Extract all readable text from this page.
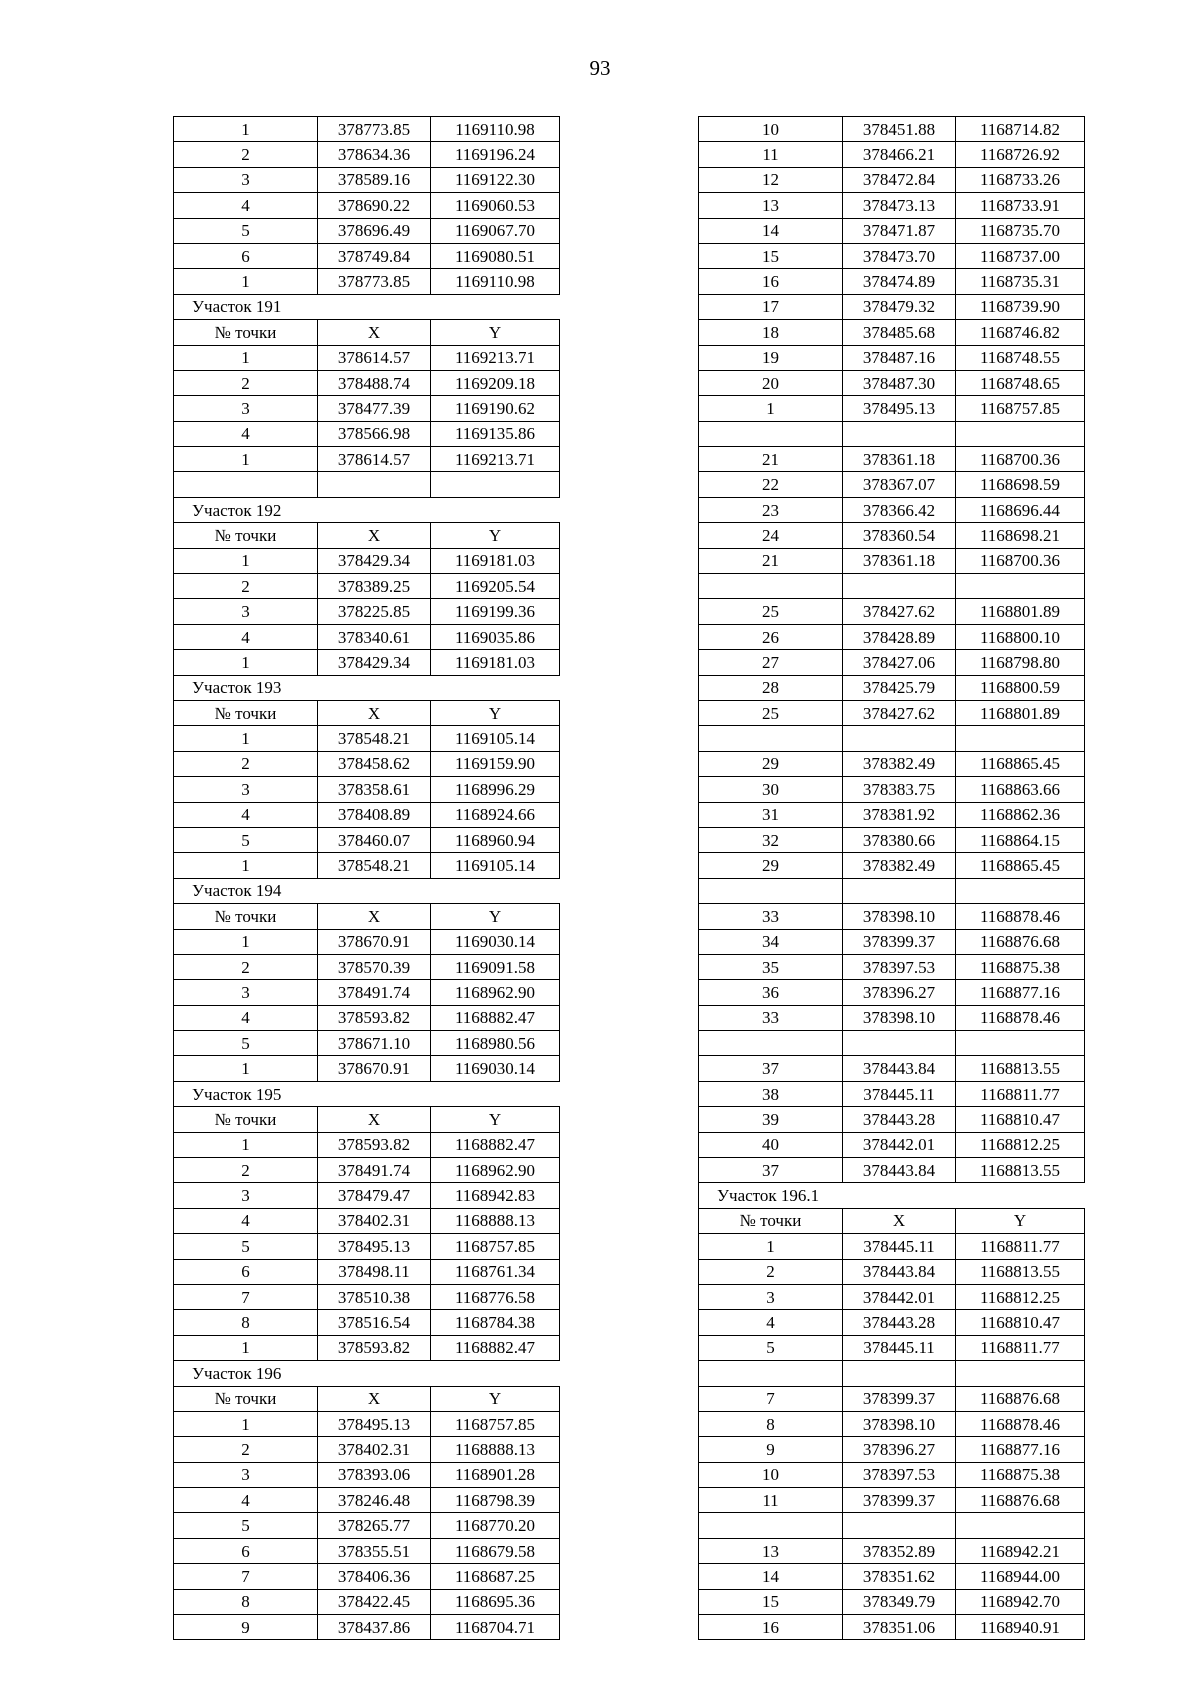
93
1	378773.85	1169110.98
2	378634.36	1169196.24
3	378589.16	1169122.30
4	378690.22	1169060.53
5	378696.49	1169067.70
6	378749.84	1169080.51
1	378773.85	1169110.98
Участок 191		
№ точки	X	Y
1	378614.57	1169213.71
2	378488.74	1169209.18
3	378477.39	1169190.62
4	378566.98	1169135.86
1	378614.57	1169213.71

Участок 192		
№ точки	X	Y
1	378429.34	1169181.03
2	378389.25	1169205.54
3	378225.85	1169199.36
4	378340.61	1169035.86
1	378429.34	1169181.03
Участок 193		
№ точки	X	Y
1	378548.21	1169105.14
2	378458.62	1169159.90
3	378358.61	1168996.29
4	378408.89	1168924.66
5	378460.07	1168960.94
1	378548.21	1169105.14
Участок 194		
№ точки	X	Y
1	378670.91	1169030.14
2	378570.39	1169091.58
3	378491.74	1168962.90
4	378593.82	1168882.47
5	378671.10	1168980.56
1	378670.91	1169030.14
Участок 195		
№ точки	X	Y
1	378593.82	1168882.47
2	378491.74	1168962.90
3	378479.47	1168942.83
4	378402.31	1168888.13
5	378495.13	1168757.85
6	378498.11	1168761.34
7	378510.38	1168776.58
8	378516.54	1168784.38
1	378593.82	1168882.47
Участок 196		
№ точки	X	Y
1	378495.13	1168757.85
2	378402.31	1168888.13
3	378393.06	1168901.28
4	378246.48	1168798.39
5	378265.77	1168770.20
6	378355.51	1168679.58
7	378406.36	1168687.25
8	378422.45	1168695.36
9	378437.86	1168704.71
10	378451.88	1168714.82
11	378466.21	1168726.92
12	378472.84	1168733.26
13	378473.13	1168733.91
14	378471.87	1168735.70
15	378473.70	1168737.00
16	378474.89	1168735.31
17	378479.32	1168739.90
18	378485.68	1168746.82
19	378487.16	1168748.55
20	378487.30	1168748.65
1	378495.13	1168757.85

21	378361.18	1168700.36
22	378367.07	1168698.59
23	378366.42	1168696.44
24	378360.54	1168698.21
21	378361.18	1168700.36

25	378427.62	1168801.89
26	378428.89	1168800.10
27	378427.06	1168798.80
28	378425.79	1168800.59
25	378427.62	1168801.89

29	378382.49	1168865.45
30	378383.75	1168863.66
31	378381.92	1168862.36
32	378380.66	1168864.15
29	378382.49	1168865.45

33	378398.10	1168878.46
34	378399.37	1168876.68
35	378397.53	1168875.38
36	378396.27	1168877.16
33	378398.10	1168878.46

37	378443.84	1168813.55
38	378445.11	1168811.77
39	378443.28	1168810.47
40	378442.01	1168812.25
37	378443.84	1168813.55
Участок 196.1		
№ точки	X	Y
1	378445.11	1168811.77
2	378443.84	1168813.55
3	378442.01	1168812.25
4	378443.28	1168810.47
5	378445.11	1168811.77

7	378399.37	1168876.68
8	378398.10	1168878.46
9	378396.27	1168877.16
10	378397.53	1168875.38
11	378399.37	1168876.68

13	378352.89	1168942.21
14	378351.62	1168944.00
15	378349.79	1168942.70
16	378351.06	1168940.91
